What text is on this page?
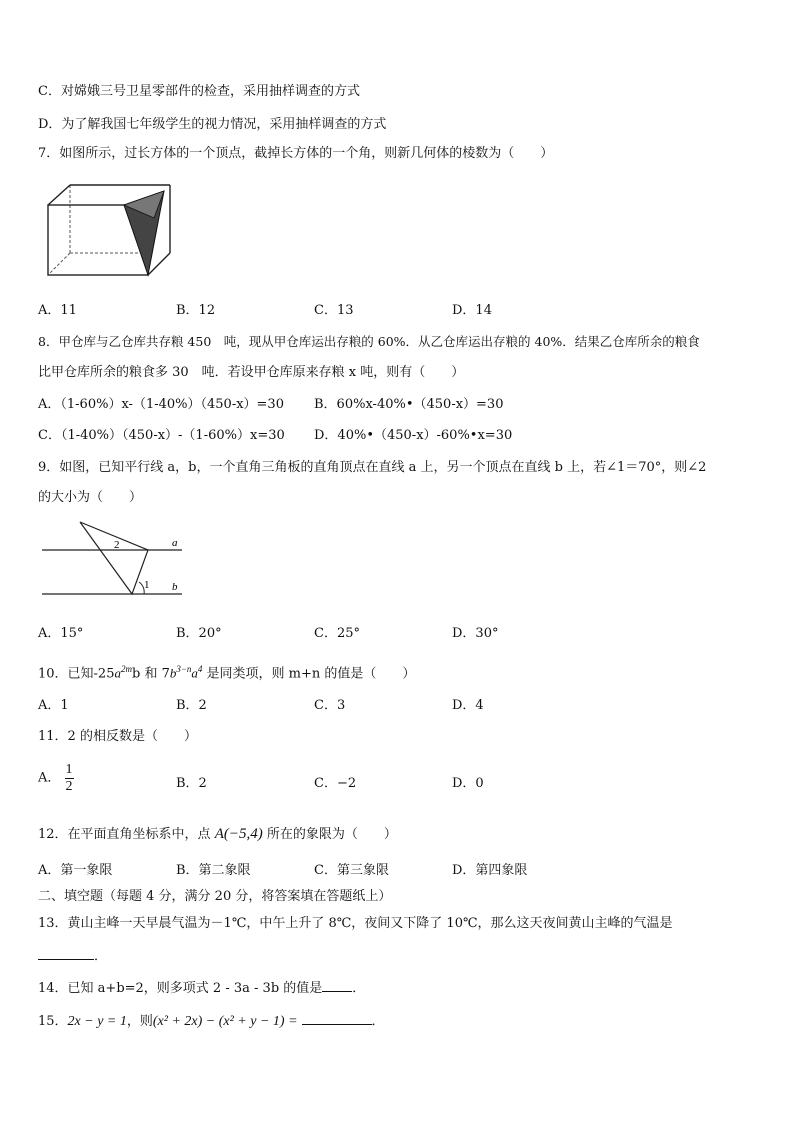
C．对嫦娥三号卫星零部件的检查，采用抽样调查的方式
D．为了解我国七年级学生的视力情况，采用抽样调查的方式
7．如图所示，过长方体的一个顶点，截掉长方体的一个角，则新几何体的棱数为（　　）
A．11	B．12	C．13	D．14
8．甲仓库与乙仓库共存粮 450　吨，现从甲仓库运出存粮的 60%．从乙仓库运出存粮的 40%．结果乙仓库所余的粮食
比甲仓库所余的粮食多 30　吨．若设甲仓库原来存粮 x 吨，则有（　　）
A．（1-60%）x-（1-40%）（450-x）=30 B．60%x-40%•（450-x）=30
C．（1-40%）（450-x）-（1-60%）x=30 D．40%•（450-x）-60%•x=30
9．如图，已知平行线 a，b，一个直角三角板的直角顶点在直线 a 上，另一个顶点在直线 b 上，若∠1＝70°，则∠2
的大小为（　　）
2
1
a
b
A．15°	B．20°	C．25°	D．30°
10．已知$-25a^{2m}b$ 和 $7b^{3-n}a^4$ 是同类项，则 m+n 的值是（　　）
A．1	B．2	C．3	D．4
11．2 的相反数是（　　）
A． $\frac{1}{2}$	B．2	C．−2	D．0
12．在平面直角坐标系中，点 A(−5,4) 所在的象限为（　　）
A．第一象限	B．第二象限	C．第三象限	D．第四象限
二、填空题（每题 4 分，满分 20 分，将答案填在答题纸上）
13．黄山主峰一天早晨气温为－1℃，中午上升了 8℃，夜间又下降了 10℃，那么这天夜间黄山主峰的气温是
．
14．已知 a+b=2，则多项式 2 - 3a - 3b 的值是 ．
15．2x − y = 1，则(x² + 2x) − (x² + y − 1) =	．
